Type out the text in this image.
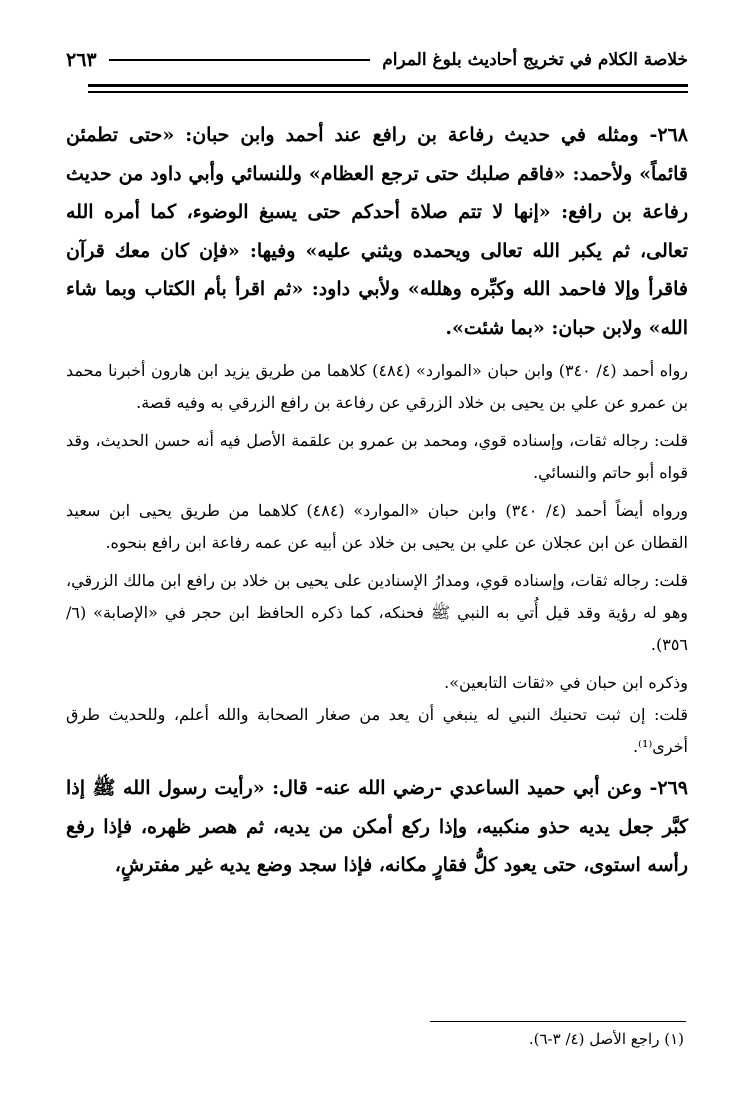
خلاصة الكلام في تخريج أحاديث بلوغ المرام
٢٦٣

٢٦٨- ومثله في حديث رفاعة بن رافع عند أحمد وابن حبان: «حتى تطمئن قائماً» ولأحمد: «فاقم صلبك حتى ترجع العظام» وللنسائي وأبي داود من حديث رفاعة بن رافع: «إنها لا تتم صلاة أحدكم حتى يسبغ الوضوء، كما أمره الله تعالى، ثم يكبر الله تعالى ويحمده ويثني عليه» وفيها: «فإن كان معك قرآن فاقرأ وإلا فاحمد الله وكبِّره وهلله» ولأبي داود: «ثم اقرأ بأم الكتاب وبما شاء الله» ولابن حبان: «بما شئت».

رواه أحمد (٤/ ٣٤٠) وابن حبان «الموارد» (٤٨٤) كلاهما من طريق يزيد ابن هارون أخبرنا محمد بن عمرو عن علي بن يحيى بن خلاد الزرقي عن رفاعة بن رافع الزرقي به وفيه قصة.

قلت: رجاله ثقات، وإسناده قوي، ومحمد بن عمرو بن علقمة الأصل فيه أنه حسن الحديث، وقد قواه أبو حاتم والنسائي.

ورواه أيضاً أحمد (٤/ ٣٤٠) وابن حبان «الموارد» (٤٨٤) كلاهما من طريق يحيى ابن سعيد القطان عن ابن عجلان عن علي بن يحيى بن خلاد عن أبيه عن عمه رفاعة ابن رافع بنحوه.

قلت: رجاله ثقات، وإسناده قوي، ومدارُ الإسنادين على يحيى بن خلاد بن رافع ابن مالك الزرقي، وهو له رؤية وقد قيل أُتي به النبي ﷺ فحنكه، كما ذكره الحافظ ابن حجر في «الإصابة» (٦/ ٣٥٦).

وذكره ابن حبان في «ثقات التابعين».

قلت: إن ثبت تحنيك النبي له ينبغي أن يعد من صغار الصحابة والله أعلم، وللحديث طرق أخرى⁽¹⁾.

٢٦٩- وعن أبي حميد الساعدي -رضي الله عنه- قال: «رأيت رسول الله ﷺ إذا كبَّر جعل يديه حذو منكبيه، وإذا ركع أمكن من يديه، ثم هصر ظهره، فإذا رفع رأسه استوى، حتى يعود كلُّ فقارٍ مكانه، فإذا سجد وضع يديه غير مفترشٍ،

(١) راجع الأصل (٤/ ٣-٦).
